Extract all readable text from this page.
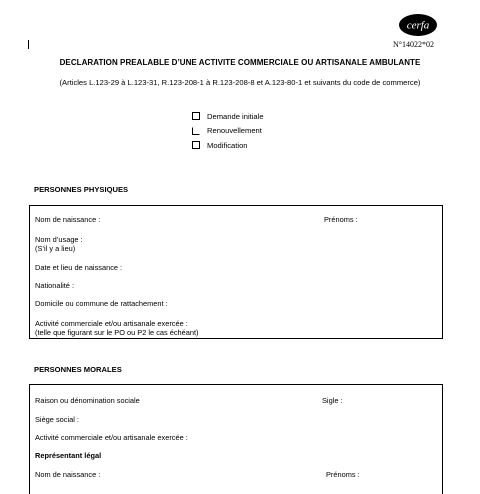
cerfa
N°14022*02
DECLARATION PREALABLE D’UNE ACTIVITE COMMERCIALE OU ARTISANALE AMBULANTE
(Articles L.123-29 à L.123-31, R.123-208-1 à R.123-208-8 et A.123-80-1 et suivants du code de commerce)
Demande initiale
Renouvellement
Modification
PERSONNES PHYSIQUES
Nom de naissance :	Prénoms :
Nom d’usage :
(S’il y a lieu)
Date et lieu de naissance :
Nationalité :
Domicile ou commune de rattachement :
Activité commerciale et/ou artisanale exercée :
(telle que figurant sur le PO ou P2 le cas échéant)
PERSONNES MORALES
Raison ou dénomination sociale	Sigle :
Siège social :
Activité commerciale et/ou artisanale exercée :
Représentant légal
Nom de naissance :	Prénoms :
